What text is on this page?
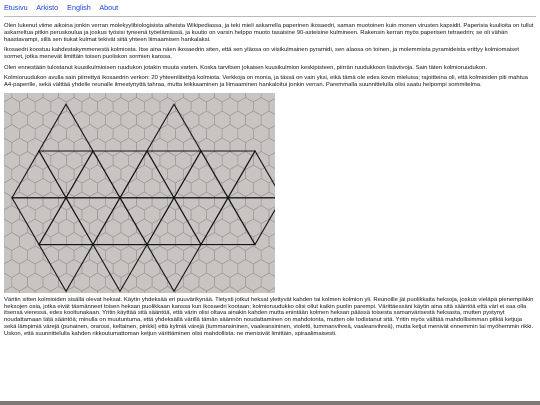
Etusivu Arkisto English About

Olen lukenut viime aikoina jonkin verran molekyylibiologisista aiheista Wikipediassa, ja teki mieli askarrella paperinen ikosaedri, saman muotoinen kuin monen virusten kapsidit. Paperisia kuulioita on tullut askarreltua pitkin peruskoulua ja joskus työsisi tyneenä työelämässä, ja kuutio on varsin helppo muoto tasaisine 90-asteisine kulmineen. Rakensin kerran myös paperisen tetraedrin; se oli vähän haastavampi, sillä sen tiukat kulmat tekivät siitä yhteen liimaamisen hankalaksi.

Ikosaedri koostuu kahdestakymmenestä kolmiosta. Itse aina näen ikosaedrin siten, että sen yläosa on viisikulmainen pyramidi, sen alaosa on toinen, ja molemmista pyramideista erittyy kolmiomaiset sormet, jotka menevät limittäin toisen puoliskon sormien kanssa.

Olen ennestään tulostanut kuusikulmioisen ruudukon jotakin muuta varten. Koska tarvitsen jokaisen kuusikulmion keskipisteen, piirrän ruudukkoon lisäviivoja. Sain täten kolmioruudukon.

Kolmioruudukon avulla sain piirrettyä ikosaedrin verkon: 20 yhteenliitettyä kolmiota. Verkkoja on monia, ja tässä on vain yksi, eikä tämä ole edes kovin mieluisa; rajoitteina oli, että kolmioiden piti mahtua A4-paperille, sekä välttää yhdelle reunalle ilmestynyttä tahraa, mutta leikkaaminen ja liimaaminen hankaloitui jonkin verran. Paremmalla suunnittelulla olisi saatu helpompi sommitelma.

Väritin sitten kolmioiden sisällä olevat heksat. Käytin yhdeksää eri puuvärikynää. Tietysti jotkut heksat ylettyvät kahden tai kolmen kolmion yli. Reunoille jäi puolikkaita heksoja, joskus vieläpä pienempiäkin heksojen osia, jotka eivät täsmänneet toisen heksan puolikkaan kanssa kun ikosaedri kootaan; kolmioruudukko olisi ollut kaikin puolin parempi. Värittäessäni käytin aina sitä sääntöä että väri ei saa olla itsensä vieressä, edes kooltunakaan. Yritin käyttää sitä sääntöä, että värin olisi oltava ainakin kahden mutta enintään kolmen heksan päässä toisesta samanvärisestä heksasta, mutten pystynyt noudattamaan tätä sääntöä; minulla on muutuntuma, että yhdeksällä värillä tämän säännön noudattaminen on mahdotonta, mutten ole todistanut sitä. Yritin myös välttää mahdollisimman pitkiä ketjuja sekä lämpimiä värejä (punainen, oranssi, keltainen, pinkki) että kylmiä värejä (tummansininen, vaaleansininen, violetti, tummanvihreä, vaaleanvihreä), mutta ketjut menivät ennemmin tai myöhemmin rikki. Uskon, että suunnittelulla kahden rikkoutumattoman ketjun värittäminen olisi mahdollista: ne menisivät limittäin, spiraalimaisesti.
